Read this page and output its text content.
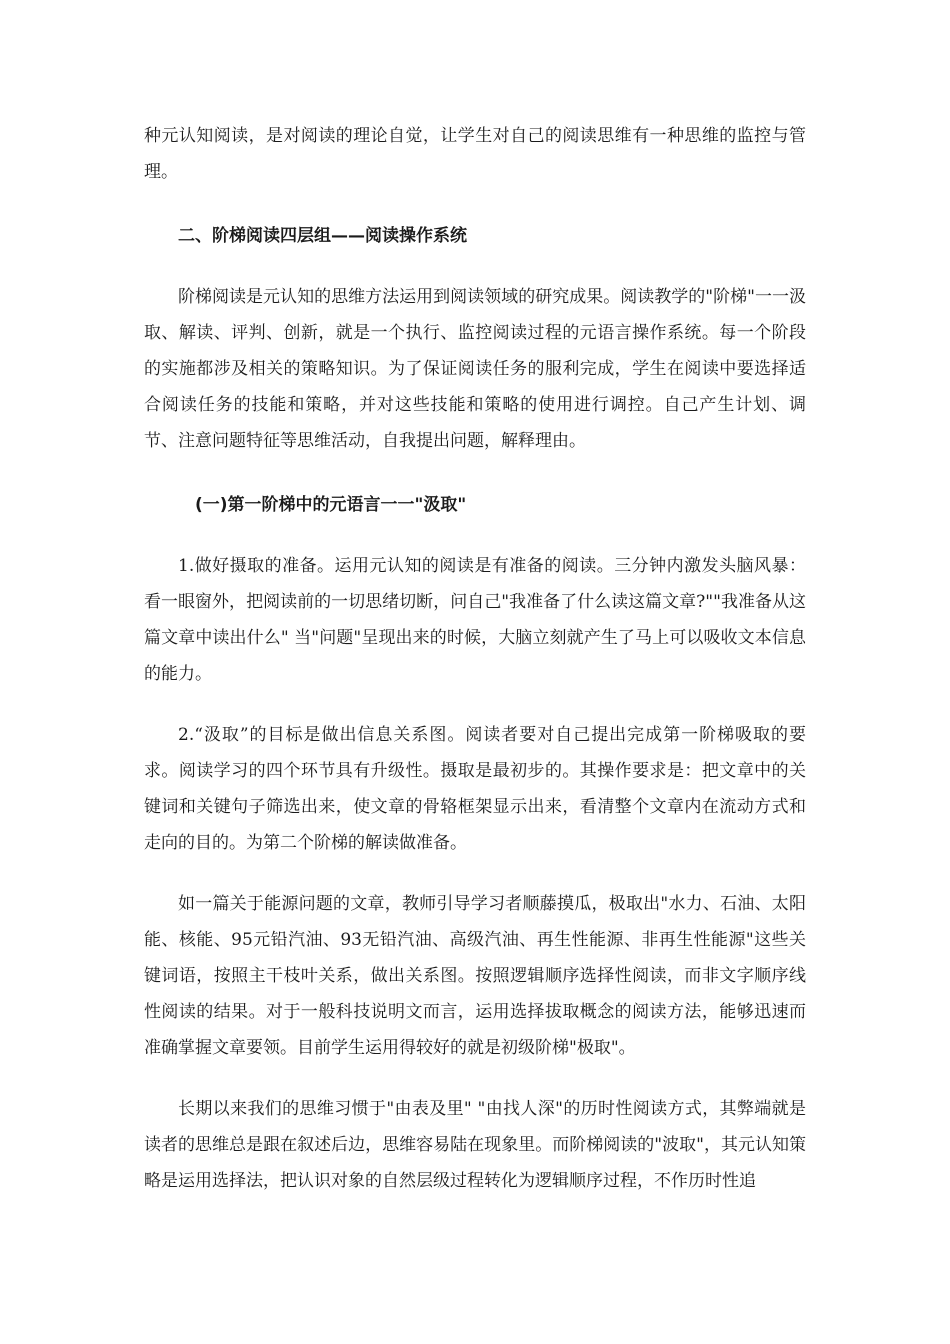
种元认知阅读，是对阅读的理论自觉，让学生对自己的阅读思维有一种思维的监控与管理。

二、阶梯阅读四层组——阅读操作系统

阶梯阅读是元认知的思维方法运用到阅读领域的研究成果。阅读教学的"阶梯"一一汲取、解读、评判、创新，就是一个执行、监控阅读过程的元语言操作系统。每一个阶段的实施都涉及相关的策略知识。为了保证阅读任务的服利完成，学生在阅读中要选择适合阅读任务的技能和策略，并对这些技能和策略的使用进行调控。自己产生计划、调节、注意问题特征等思维活动，自我提出问题，解释理由。

(一)第一阶梯中的元语言一一"汲取"

1.做好摄取的准备。运用元认知的阅读是有准备的阅读。三分钟内激发头脑风暴：看一眼窗外，把阅读前的一切思绪切断，问自己"我准备了什么读这篇文章?""我准备从这篇文章中读出什么" 当"问题"呈现出来的时候，大脑立刻就产生了马上可以吸收文本信息的能力。

2.“汲取”的目标是做出信息关系图。阅读者要对自己提出完成第一阶梯吸取的要求。阅读学习的四个环节具有升级性。摄取是最初步的。其操作要求是：把文章中的关键词和关键句子筛选出来，使文章的骨辂框架显示出来，看清整个文章内在流动方式和走向的目的。为第二个阶梯的解读做准备。

如一篇关于能源问题的文章，教师引导学习者顺藤摸瓜，极取出"水力、石油、太阳能、核能、95元铅汽油、93无铅汽油、高级汽油、再生性能源、非再生性能源"这些关键词语，按照主干枝叶关系，做出关系图。按照逻辑顺序选择性阅读，而非文字顺序线性阅读的结果。对于一般科技说明文而言，运用选择拔取概念的阅读方法，能够迅速而准确掌握文章要领。目前学生运用得较好的就是初级阶梯"极取"。

长期以来我们的思维习惯于"由表及里" "由找人深"的历时性阅读方式，其弊端就是读者的思维总是跟在叙述后边，思维容易陆在现象里。而阶梯阅读的"波取"，其元认知策略是运用选择法，把认识对象的自然层级过程转化为逻辑顺序过程，不作历时性追
